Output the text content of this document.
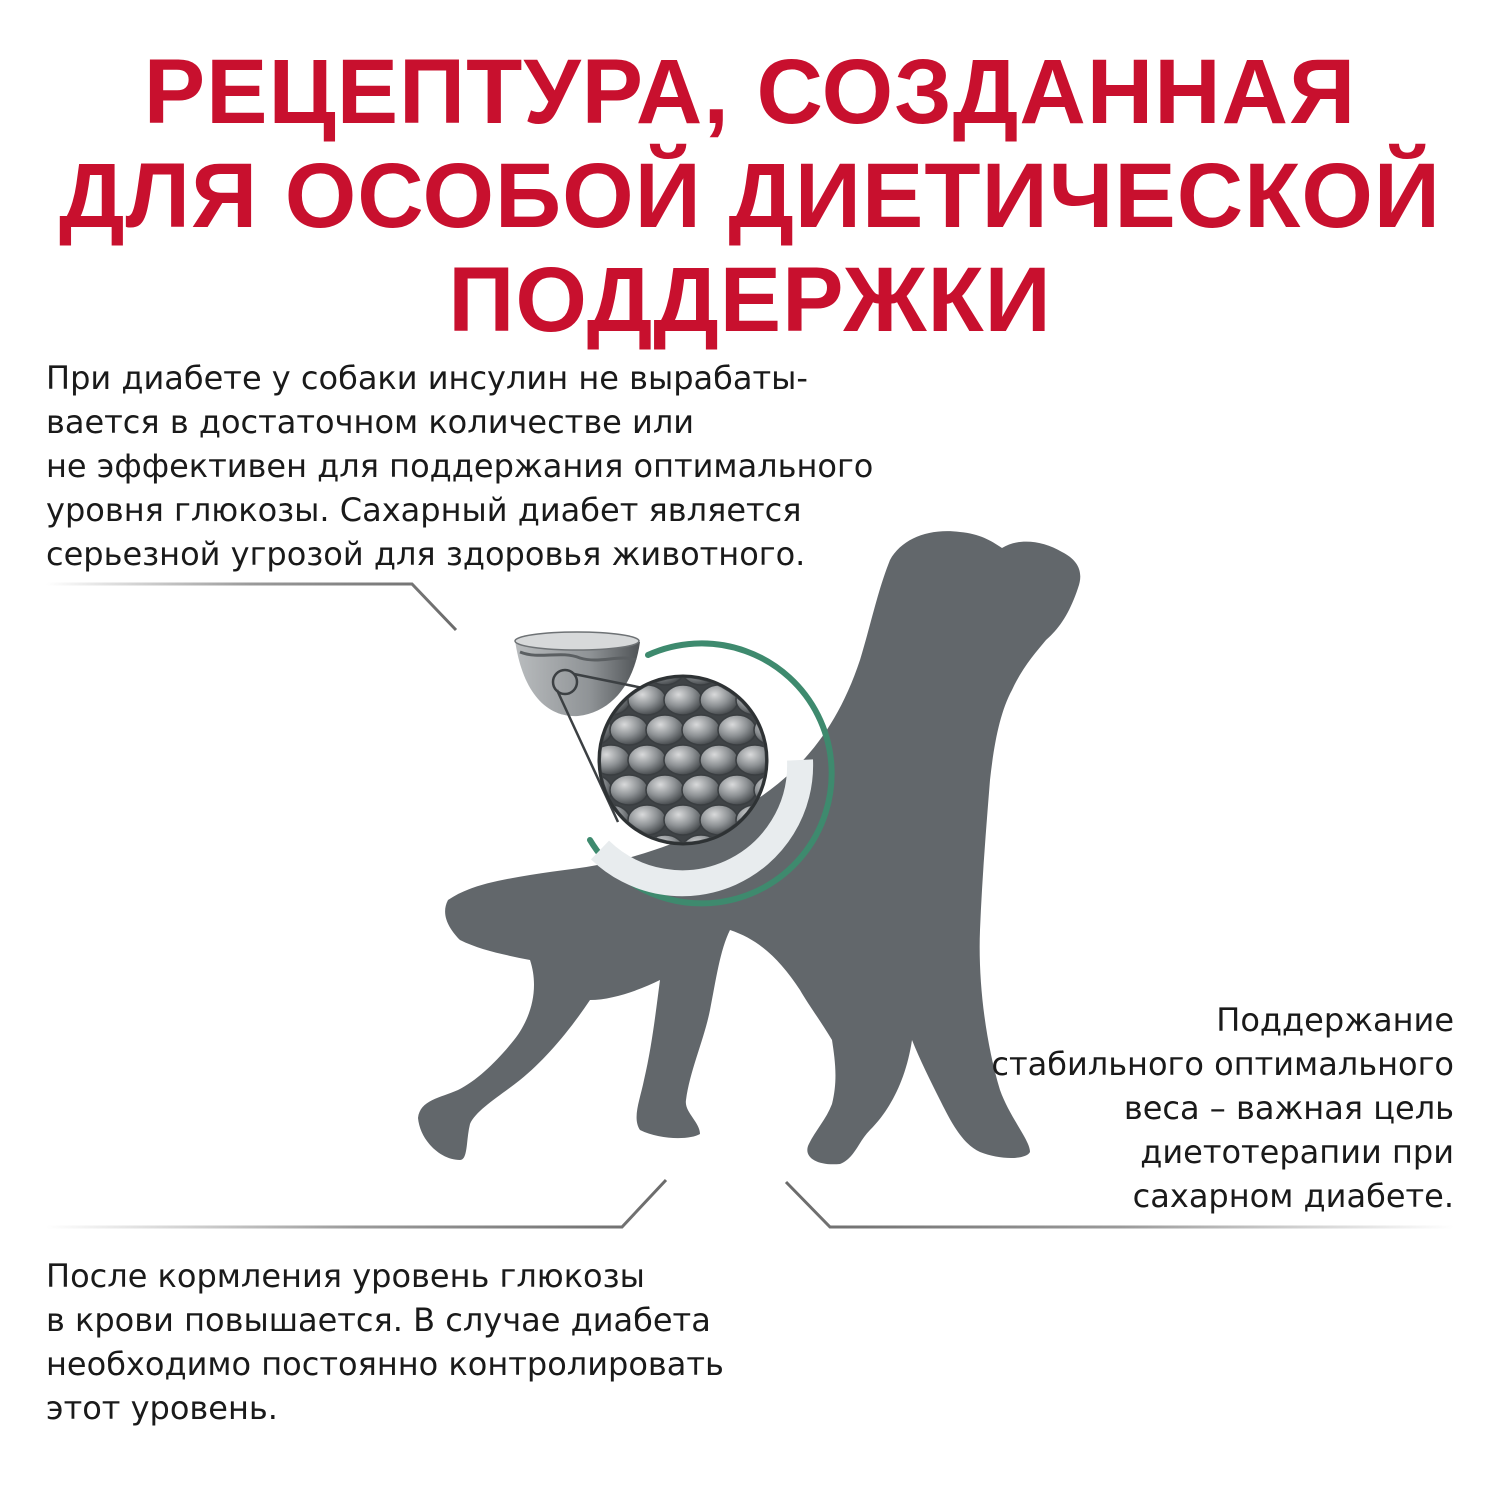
РЕЦЕПТУРА, СОЗДАННАЯ
ДЛЯ ОСОБОЙ ДИЕТИЧЕСКОЙ
ПОДДЕРЖКИ
При диабете у собаки инсулин не вырабаты-
вается в достаточном количестве или
не эффективен для поддержания оптимального
уровня глюкозы. Сахарный диабет является
серьезной угрозой для здоровья животного.
Поддержание
стабильного оптимального
веса – важная цель
диетотерапии при
сахарном диабете.
После кормления уровень глюкозы
в крови повышается. В случае диабета
необходимо постоянно контролировать
этот уровень.
